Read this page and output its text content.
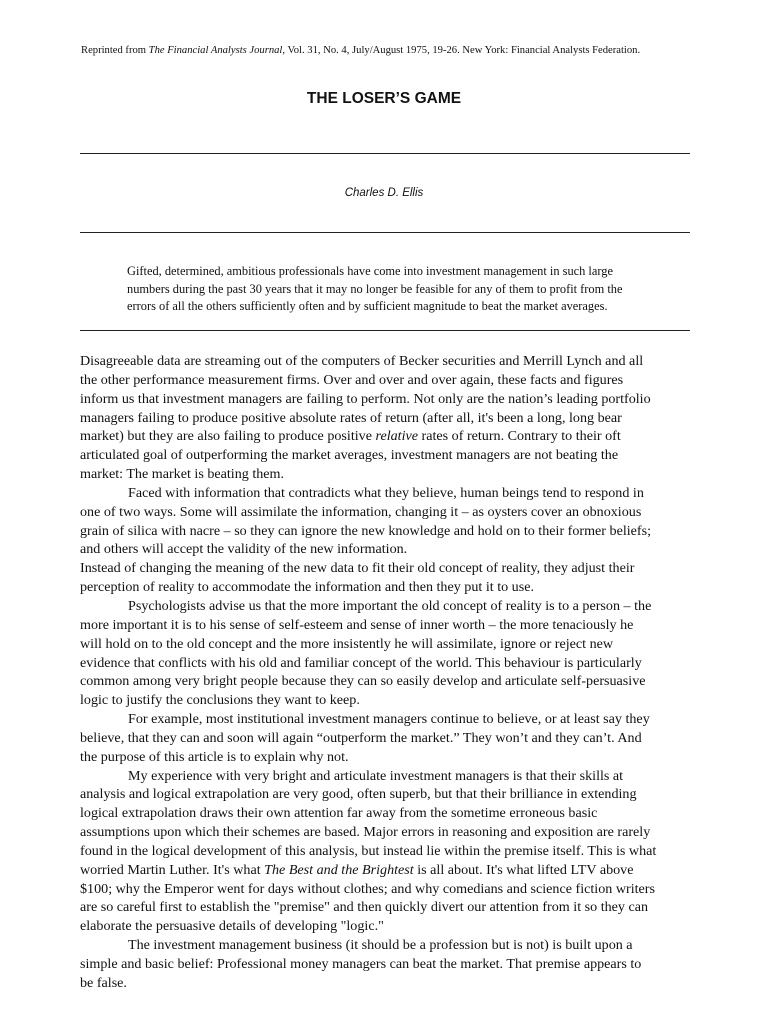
Reprinted from The Financial Analysts Journal, Vol. 31, No. 4, July/August 1975, 19-26. New York: Financial Analysts Federation.
THE LOSER’S GAME
Charles D. Ellis
Gifted, determined, ambitious professionals have come into investment management in such large
numbers during the past 30 years that it may no longer be feasible for any of them to profit from the
errors of all the others sufficiently often and by sufficient magnitude to beat the market averages.
Disagreeable data are streaming out of the computers of Becker securities and Merrill Lynch and all
the other performance measurement firms. Over and over and over again, these facts and figures
inform us that investment managers are failing to perform. Not only are the nation’s leading portfolio
managers failing to produce positive absolute rates of return (after all, it's been a long, long bear
market) but they are also failing to produce positive relative rates of return. Contrary to their oft
articulated goal of outperforming the market averages, investment managers are not beating the
market: The market is beating them.
Faced with information that contradicts what they believe, human beings tend to respond in
one of two ways. Some will assimilate the information, changing it – as oysters cover an obnoxious
grain of silica with nacre – so they can ignore the new knowledge and hold on to their former beliefs;
and others will accept the validity of the new information.
Instead of changing the meaning of the new data to fit their old concept of reality, they adjust their
perception of reality to accommodate the information and then they put it to use.
Psychologists advise us that the more important the old concept of reality is to a person – the
more important it is to his sense of self-esteem and sense of inner worth – the more tenaciously he
will hold on to the old concept and the more insistently he will assimilate, ignore or reject new
evidence that conflicts with his old and familiar concept of the world. This behaviour is particularly
common among very bright people because they can so easily develop and articulate self-persuasive
logic to justify the conclusions they want to keep.
For example, most institutional investment managers continue to believe, or at least say they
believe, that they can and soon will again “outperform the market.” They won’t and they can’t. And
the purpose of this article is to explain why not.
My experience with very bright and articulate investment managers is that their skills at
analysis and logical extrapolation are very good, often superb, but that their brilliance in extending
logical extrapolation draws their own attention far away from the sometime erroneous basic
assumptions upon which their schemes are based. Major errors in reasoning and exposition are rarely
found in the logical development of this analysis, but instead lie within the premise itself. This is what
worried Martin Luther. It's what The Best and the Brightest is all about. It's what lifted LTV above
$100; why the Emperor went for days without clothes; and why comedians and science fiction writers
are so careful first to establish the "premise" and then quickly divert our attention from it so they can
elaborate the persuasive details of developing "logic."
The investment management business (it should be a profession but is not) is built upon a
simple and basic belief: Professional money managers can beat the market. That premise appears to
be false.
